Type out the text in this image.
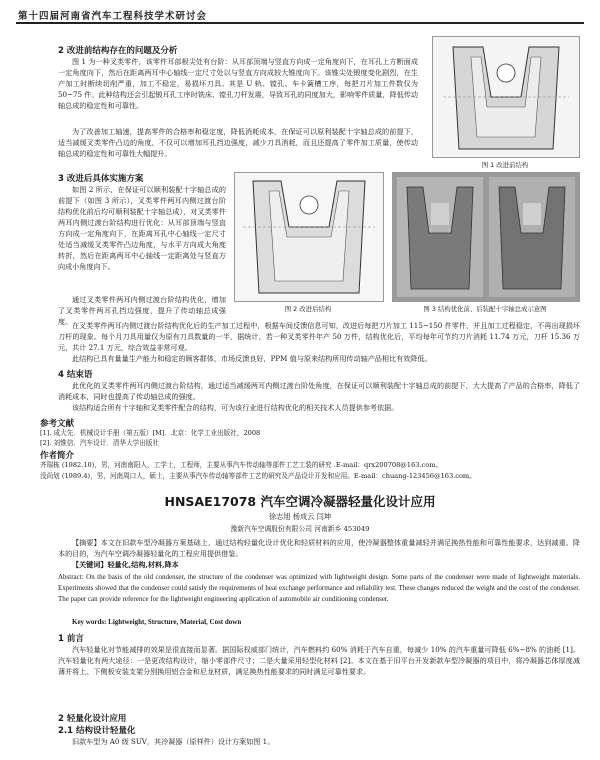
第十四届河南省汽车工程科技学术研讨会

2 改进前结构存在的问题及分析

图 1 为一种叉类零件，该零件耳部根尖处有台阶：从耳部顶端与竖直方向成一定角度向下，在耳孔上方断面成一定角度向下，然后在距离两耳中心轴线一定尺寸处以与竖直方向成较大锥度向下。该锥尖处锻度变化剧烈，在生产加工时断续切削严重，加工不稳定，易损坏刀具。其是 U 轨、镗孔、车卡簧槽工序，每把刀片加工件数仅为 50~75 件。此种结构还会引起锻耳孔工序时铣床、镗孔刀杆发震，导致耳孔的同度加大，影响零件质量，降低传动轴总成的稳定性和可靠性。

为了改善加工轴速，提高零件的合格率和稳定度，降低消耗成本，在保证可以原利装配十字轴总成的前提下，适当减缓叉类零件凸边的角度，不仅可以增加耳孔挡边强度，减少刀具消耗，而且还提高了零件加工质量，使传动轴总成的稳定性和可靠性大幅提升。

图 1 改进前结构

3 改进后具体实施方案

如图 2 所示，在保证可以顺利装配十字轴总成的前提下（如图 3 所示），叉类零件两耳内侧过渡台阶结构优化前后均可顺利装配十字轴总成），对叉类零件两耳内侧过渡台阶结构进行优化：从耳部顶端与竖直方向成一定角度向下，在距离耳孔中心轴线一定尺寸处适当减缓叉类零件凸边角度，与水平方向成大角度转折，然后在距离两耳中心轴线一定距离处与竖直方向成小角度向下。

通过叉类零件两耳内侧过渡台阶结构优化，增加了叉类零件两耳孔挡边强度，提升了传动轴总成强度。

图 2 改进后结构	图 3 结构优化前、后装配十字轴总成示意图

在叉类零件两耳内侧过渡台阶结构优化后的生产加工过程中，根据车间反馈信息可知，改进后每把刀片加工 115~150 件零件，并且加工过程稳定，不再出现损坏刀杆的现象。每个月刀具用量仅为原有刀具数量的一半，据统计，若一种叉类零件年产 50 万件，结构优化后，平均每年可节约刀片消耗 11.74 万元，刀杆 15.36 万元，共计 27.1 万元，综合效益非常可观。

此结构已具有量量生产能力和稳定的顾客群体，市场反馈良好，PPM 值与原来结构所用传动轴产品相比有效降低。

4 结束语

此优化的叉类零件两耳内侧过渡台阶结构，通过适当减缓两耳内侧过渡台阶处角度，在保证可以顺利装配十字轴总成的前提下，大大提高了产品的合格率，降低了消耗成本，同时也提高了传动轴总成的强度。

该结构适合所有十字轴和叉类零件配合的结构，可为该行业进行结构优化的相关技术人员提供参考依据。

参考文献

[1]. 成大先．机械设计手册（第五版）[M]．北京：化学工业出版社，2008

[2]. 刘惟信．汽车设计．清华大学出版社

作者简介

齐瑞栋 (1982.10)，男，河南南阳人，工学士，工程师，主要从事汽车传动轴等部件工艺工装的研究 .E-mail：qrx200708@163.com。

没尚划 (1989.4)，男，河南周口人，硕士，主要从事汽车传动轴等部件工艺的研究及产品设计开发和应用。E-mail：chuang-123456@163.com。

HNSAE17078 汽车空调冷凝器轻量化设计应用

徐志旭 杨成云 闫坤

豫新汽车空调股份有限公司 河南新乡 453049

【摘要】本文在旧款车型冷凝器方案基础上，通过结构轻量化设计优化和轻质材料的应用，使冷凝器整体重量减轻并满足换热性能和可靠性能要求，达到减重、降本的目的，为汽车空调冷凝器轻量化的工程应用提供借鉴。

【关键词】轻量化,结构,材料,降本

Abstract: On the basis of the old condenser, the structure of the condenser was optimized with lightweight design. Some parts of the condenser were made of lightweight materials. Experiments showed that the condenser could satisfy the requirements of heat exchange performance and reliability test. These changes reduced the weight and the cost of the condenser. The paper can provide reference for the lightweight engineering application of automobile air conditioning condenser.

Key words: Lightweight, Structure, Material, Cost down

1 前言

汽车轻量化对节能减排的效果是很直接而显著。据国际权威部门统计，汽车燃料约 60% 消耗于汽车自重，每减少 10% 的汽车重量可降低 6%~8% 的油耗 [1]。汽车轻量化有两大途径：一是更改结构设计，缩小零部件尺寸；二是大量采用轻型化材料 [2]。本文在基于旧平台开发新款车型冷凝器的项目中，将冷凝器芯体厚度减薄并将上、下侧板安装支架分别换用铝合金和尼龙材质，满足换热性能要求的同时满足可靠性要求。

2 轻量化设计应用

2.1 结构设计轻量化

旧款车型为 A0 级 SUV，其冷凝器（原样件）设计方案如图 1。
